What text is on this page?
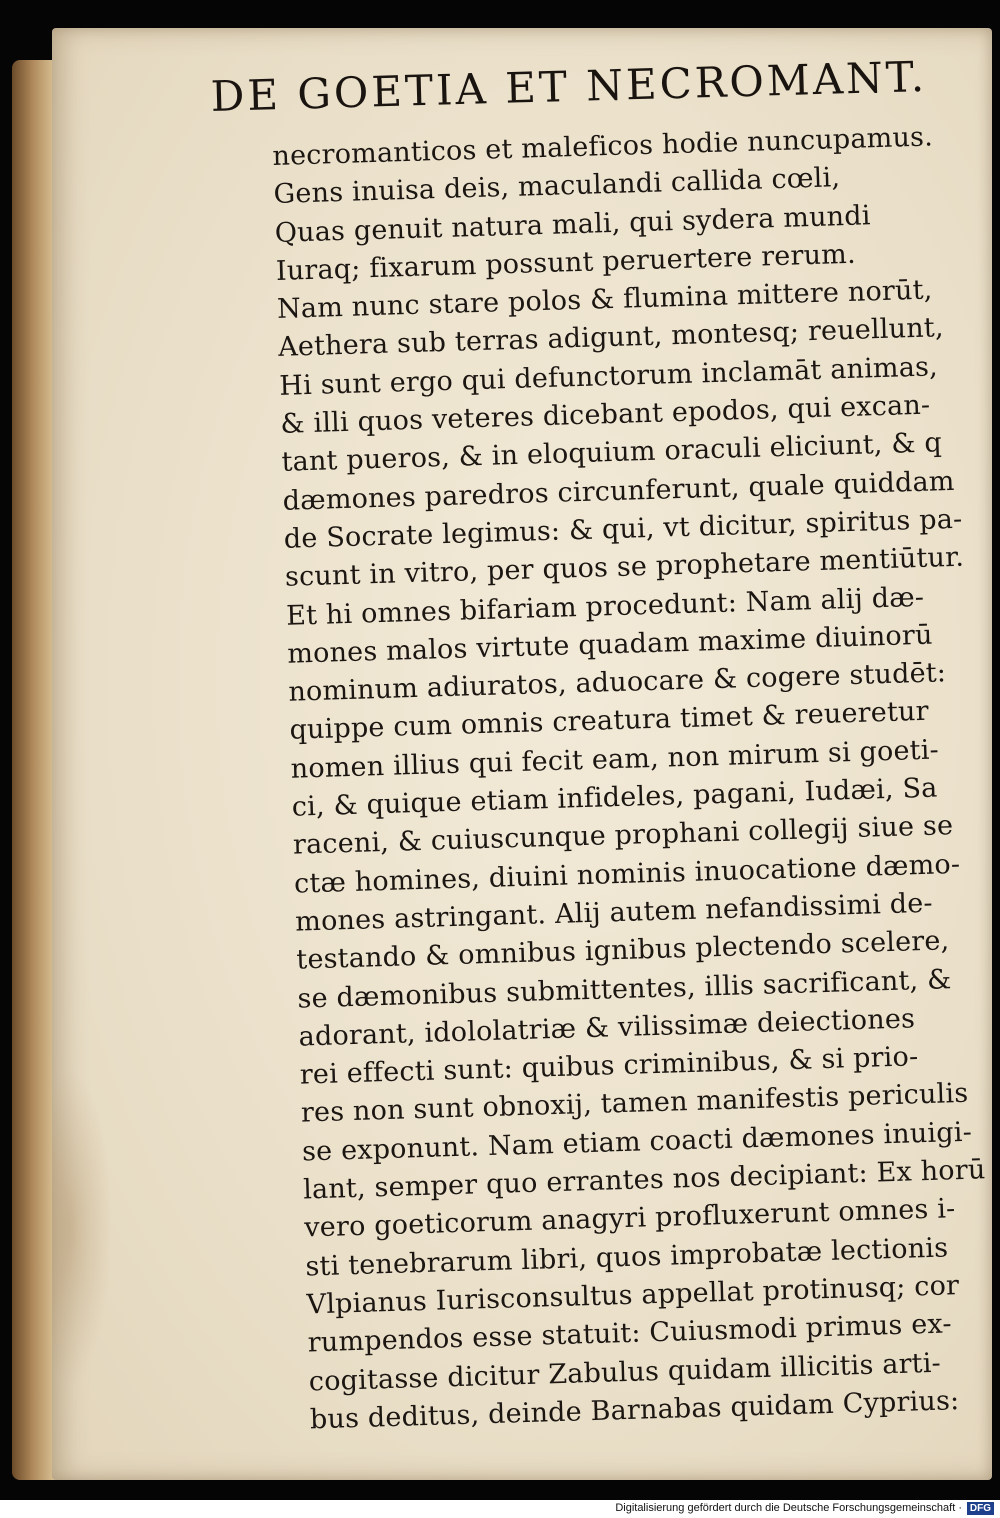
DE GOETIA ET NECROMANT.
necromanticos et maleficos hodie nuncupamus.
Gens inuisa deis, maculandi callida cœli,
Quas genuit natura mali, qui sydera mundi
Iuraq; fixarum possunt peruertere rerum.
Nam nunc stare polos & flumina mittere norūt,
Aethera sub terras adigunt, montesq; reuellunt,
Hi sunt ergo qui defunctorum inclamāt animas,
& illi quos veteres dicebant epodos, qui excan-
tant pueros, & in eloquium oraculi eliciunt, & q
dæmones paredros circunferunt, quale quiddam
de Socrate legimus: & qui, vt dicitur, spiritus pa-
scunt in vitro, per quos se prophetare mentiūtur.
Et hi omnes bifariam procedunt: Nam alij dæ-
mones malos virtute quadam maxime diuinorū
nominum adiuratos, aduocare & cogere studēt:
quippe cum omnis creatura timet & reueretur
nomen illius qui fecit eam, non mirum si goeti-
ci, & quique etiam infideles, pagani, Iudæi, Sa
raceni, & cuiuscunque prophani collegij siue se
ctæ homines, diuini nominis inuocatione dæmo-
mones astringant. Alij autem nefandissimi de-
testando & omnibus ignibus plectendo scelere,
se dæmonibus submittentes, illis sacrificant, &
adorant, idololatriæ & vilissimæ deiectiones
rei effecti sunt: quibus criminibus, & si prio-
res non sunt obnoxij, tamen manifestis periculis
se exponunt. Nam etiam coacti dæmones inuigi-
lant, semper quo errantes nos decipiant: Ex horū
vero goeticorum anagyri profluxerunt omnes i-
sti tenebrarum libri, quos improbatæ lectionis
Vlpianus Iurisconsultus appellat protinusq; cor
rumpendos esse statuit: Cuiusmodi primus ex-
cogitasse dicitur Zabulus quidam illicitis arti-
bus deditus, deinde Barnabas quidam Cyprius:
Digitalisierung gefördert durch die Deutsche Forschungsgemeinschaft · DFG
